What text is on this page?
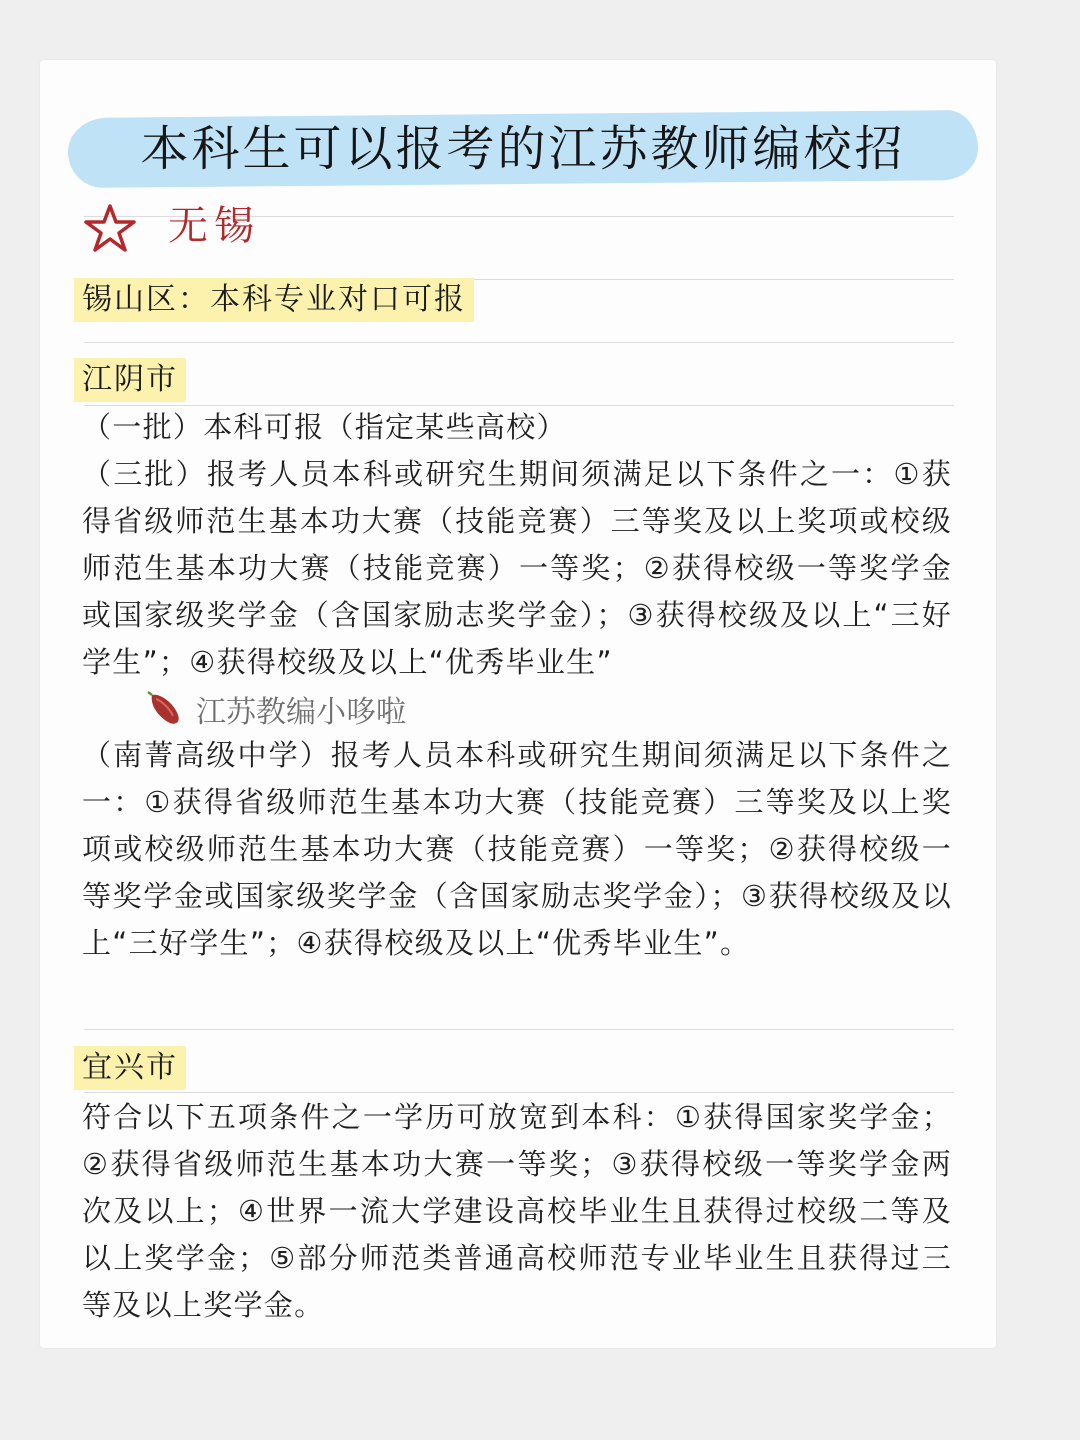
本科生可以报考的江苏教师编校招
无锡
锡山区：本科专业对口可报
江阴市
（一批）本科可报（指定某些高校）
（三批）报考人员本科或研究生期间须满足以下条件之一：①获得省级师范生基本功大赛（技能竞赛）三等奖及以上奖项或校级师范生基本功大赛（技能竞赛）一等奖；②获得校级一等奖学金或国家级奖学金（含国家励志奖学金）；③获得校级及以上“三好学生”；④获得校级及以上“优秀毕业生”
江苏教编小哆啦
（南菁高级中学）报考人员本科或研究生期间须满足以下条件之一：①获得省级师范生基本功大赛（技能竞赛）三等奖及以上奖项或校级师范生基本功大赛（技能竞赛）一等奖；②获得校级一等奖学金或国家级奖学金（含国家励志奖学金）；③获得校级及以上“三好学生”；④获得校级及以上“优秀毕业生”。
宜兴市
符合以下五项条件之一学历可放宽到本科：①获得国家奖学金；②获得省级师范生基本功大赛一等奖；③获得校级一等奖学金两次及以上；④世界一流大学建设高校毕业生且获得过校级二等及以上奖学金；⑤部分师范类普通高校师范专业毕业生且获得过三等及以上奖学金。
